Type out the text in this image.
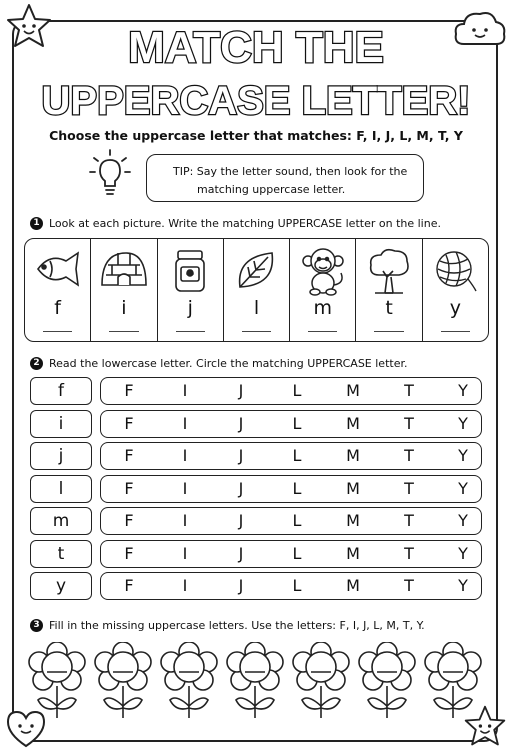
MATCH THE
UPPERCASE LETTER!
Choose the uppercase letter that matches: F, I, J, L, M, T, Y
TIP: Say the letter sound, then look for the
matching uppercase letter.
1 Look at each picture. Write the matching UPPERCASE letter on the line.
f	i	j	l	m	t	y
2 Read the lowercase letter. Circle the matching UPPERCASE letter.
f	F	I	J	L	M	T	Y
i	F	I	J	L	M	T	Y
j	F	I	J	L	M	T	Y
l	F	I	J	L	M	T	Y
m	F	I	J	L	M	T	Y
t	F	I	J	L	M	T	Y
y	F	I	J	L	M	T	Y
3 Fill in the missing uppercase letters. Use the letters: F, I, J, L, M, T, Y.
